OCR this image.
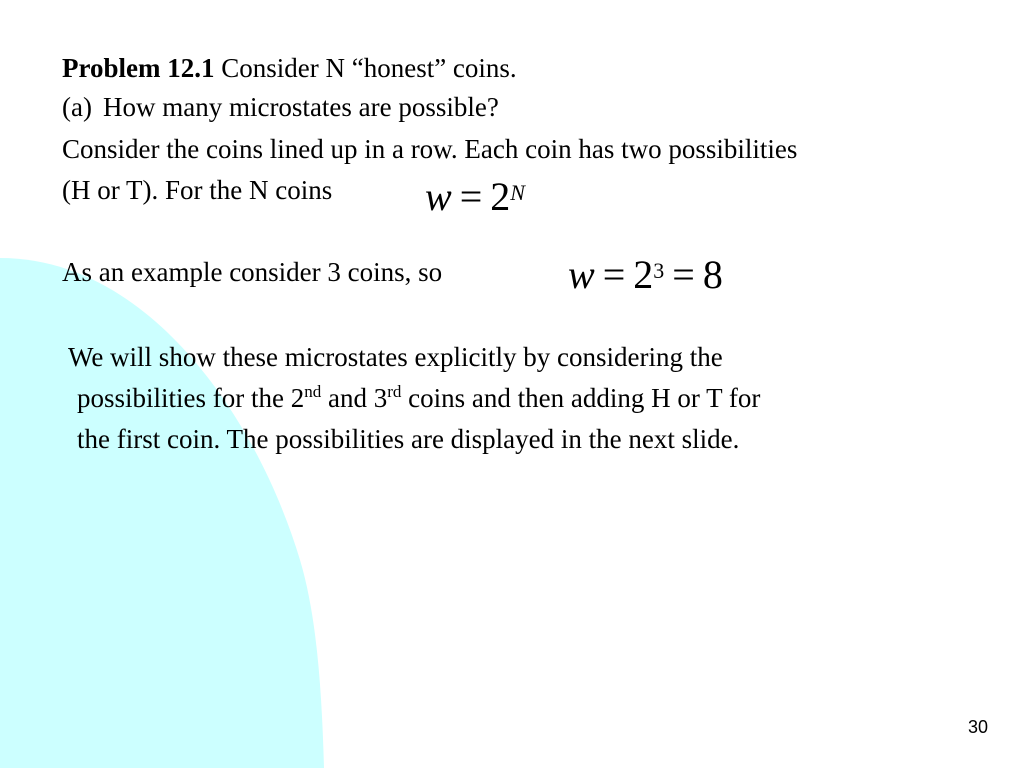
Problem 12.1 Consider N “honest” coins.
(a) How many microstates are possible?
Consider the coins lined up in a row. Each coin has two possibilities
(H or T). For the N coins $w = 2^N$
As an example consider 3 coins, so	$w = 2^3 = 8$
We will show these microstates explicitly by considering the
possibilities for the 2nd and 3rd coins and then adding H or T for
the first coin. The possibilities are displayed in the next slide.
30
